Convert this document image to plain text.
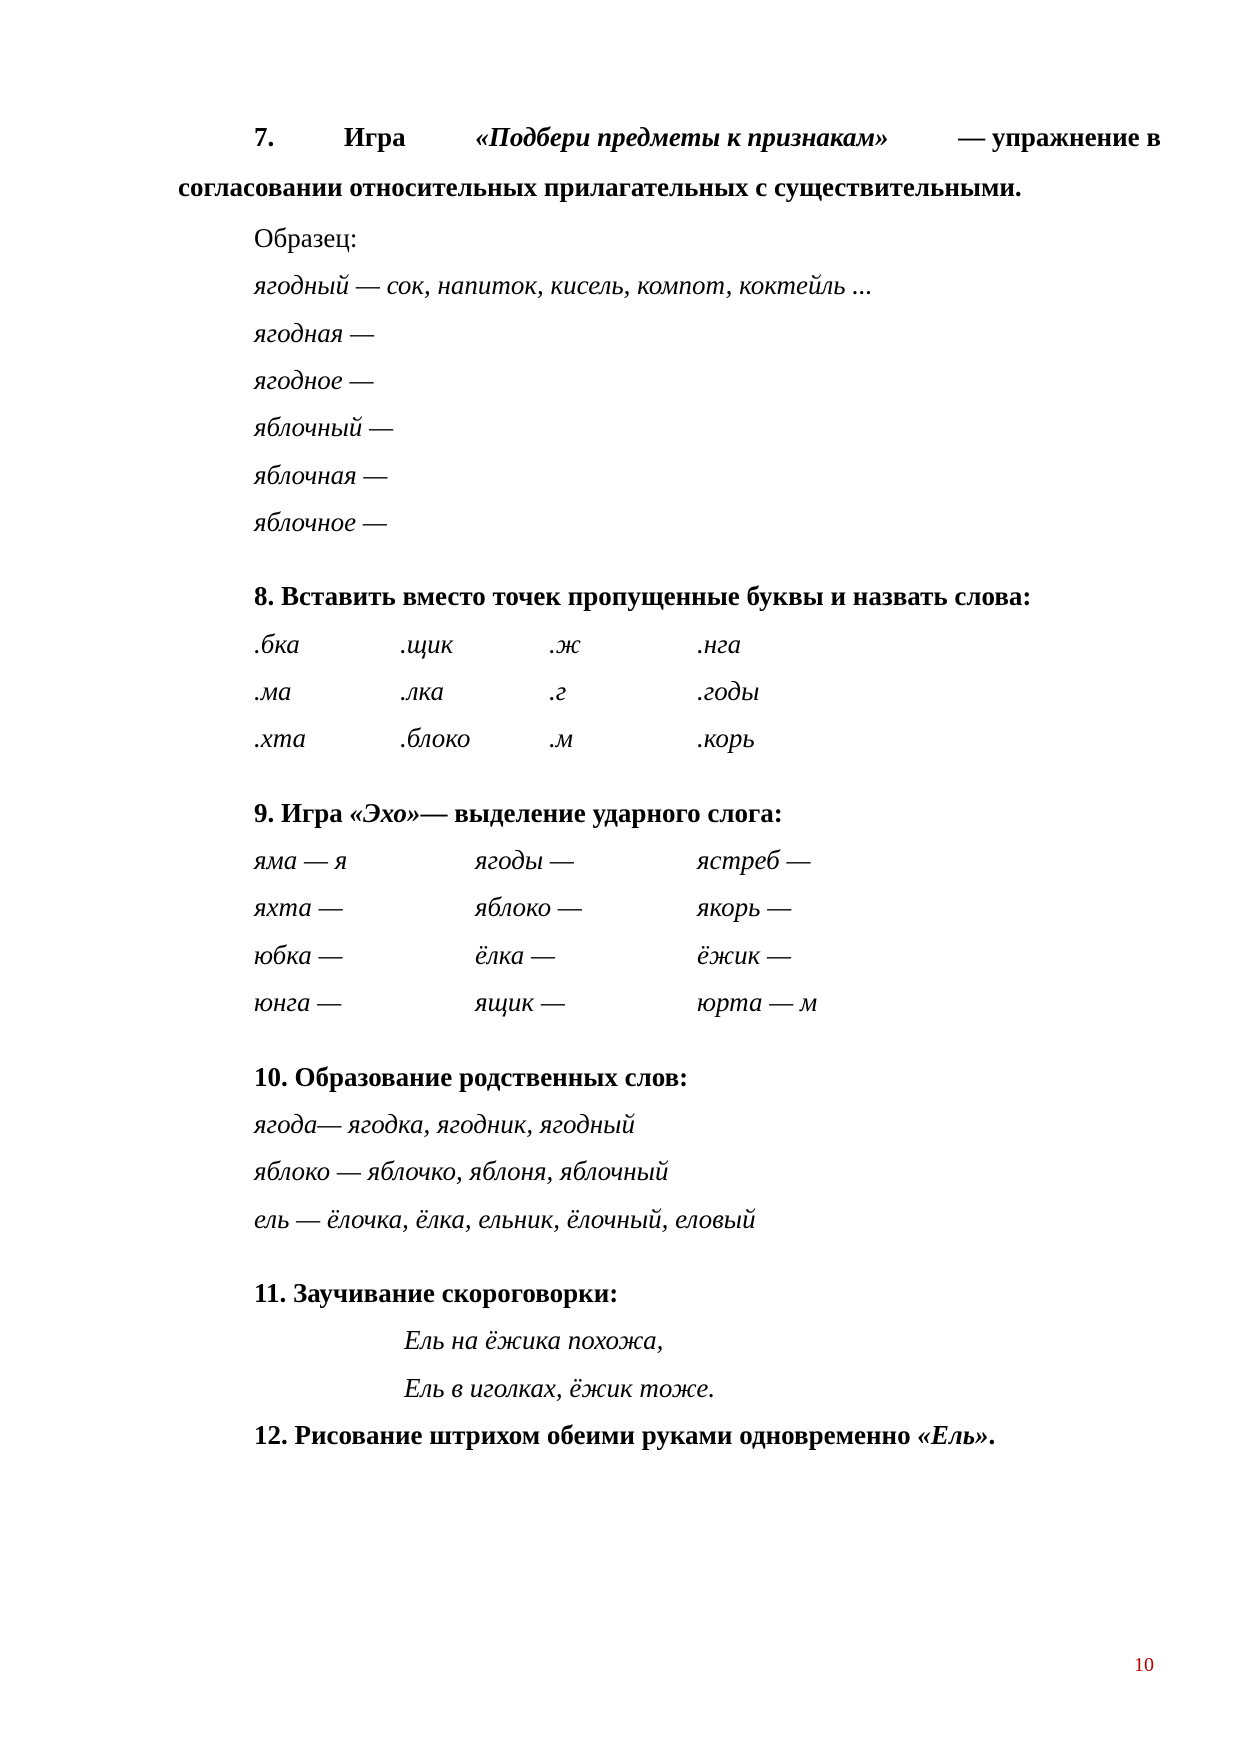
7.	Игра	«Подбери предметы к признакам»	— упражнение в
согласовании относительных прилагательных с существительными.
Образец:
ягодный — сок, напиток, кисель, компот, коктейль ...
ягодная —
ягодное —
яблочный —
яблочная —
яблочное —
8. Вставить вместо точек пропущенные буквы и назвать слова:
.бка	.щик	.ж	.нга
.ма	.лка	.г	.годы
.хта	.блоко	.м	.корь
9. Игра «Эхо»— выделение ударного слога:
яма — я	ягоды —	ястреб —
яхта —	яблоко —	якорь —
юбка —	ёлка —	ёжик —
юнга —	ящик —	юрта — м
10. Образование родственных слов:
ягода— ягодка, ягодник, ягодный
яблоко — яблочко, яблоня, яблочный
ель — ёлочка, ёлка, ельник, ёлочный, еловый
11. Заучивание скороговорки:
Ель на ёжика похожа,
Ель в иголках, ёжик тоже.
12. Рисование штрихом обеими руками одновременно «Ель».
10
